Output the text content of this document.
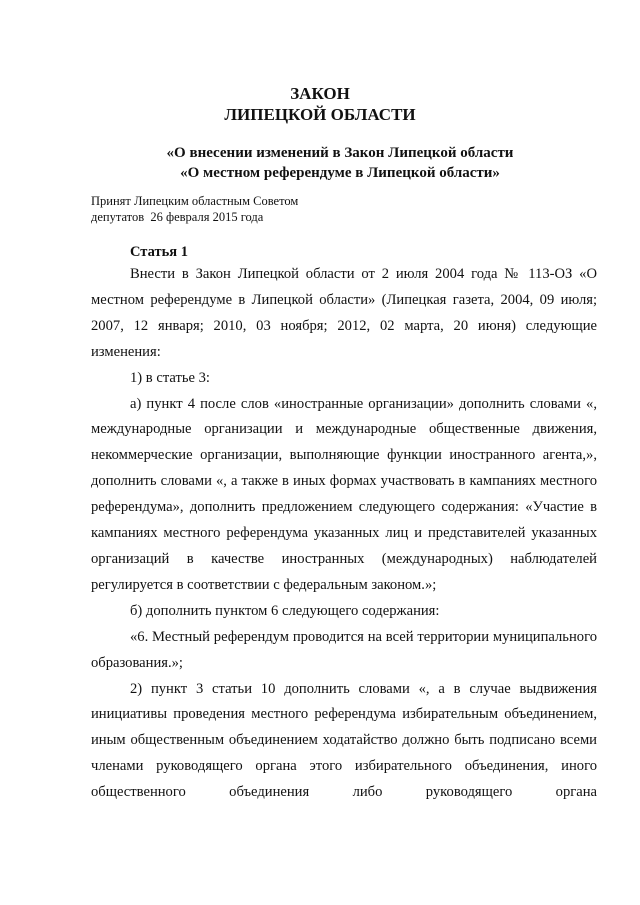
ЗАКОН
ЛИПЕЦКОЙ ОБЛАСТИ
«О внесении изменений в Закон Липецкой области
«О местном референдуме в Липецкой области»
Принят Липецким областным Советом
депутатов  26 февраля 2015 года
Статья 1

Внести в Закон Липецкой области от 2 июля 2004 года № 113-ОЗ «О местном референдуме в Липецкой области» (Липецкая газета, 2004, 09 июля; 2007, 12 января; 2010, 03 ноября; 2012, 02 марта, 20 июня) следующие изменения:

1) в статье 3:

а) пункт 4 после слов «иностранные организации» дополнить словами «, международные организации и международные общественные движения, некоммерческие организации, выполняющие функции иностранного агента,», дополнить словами «, а также в иных формах участвовать в кампаниях местного референдума», дополнить предложением следующего содержания: «Участие в кампаниях местного референдума указанных лиц и представителей указанных организаций в качестве иностранных (международных) наблюдателей регулируется в соответствии с федеральным законом.»;

б) дополнить пунктом 6 следующего содержания:

«6. Местный референдум проводится на всей территории муниципального образования.»;

2) пункт 3 статьи 10 дополнить словами «, а в случае выдвижения инициативы проведения местного референдума избирательным объединением, иным общественным объединением ходатайство должно быть подписано всеми членами руководящего органа этого избирательного объединения, иного общественного объединения либо руководящего органа
